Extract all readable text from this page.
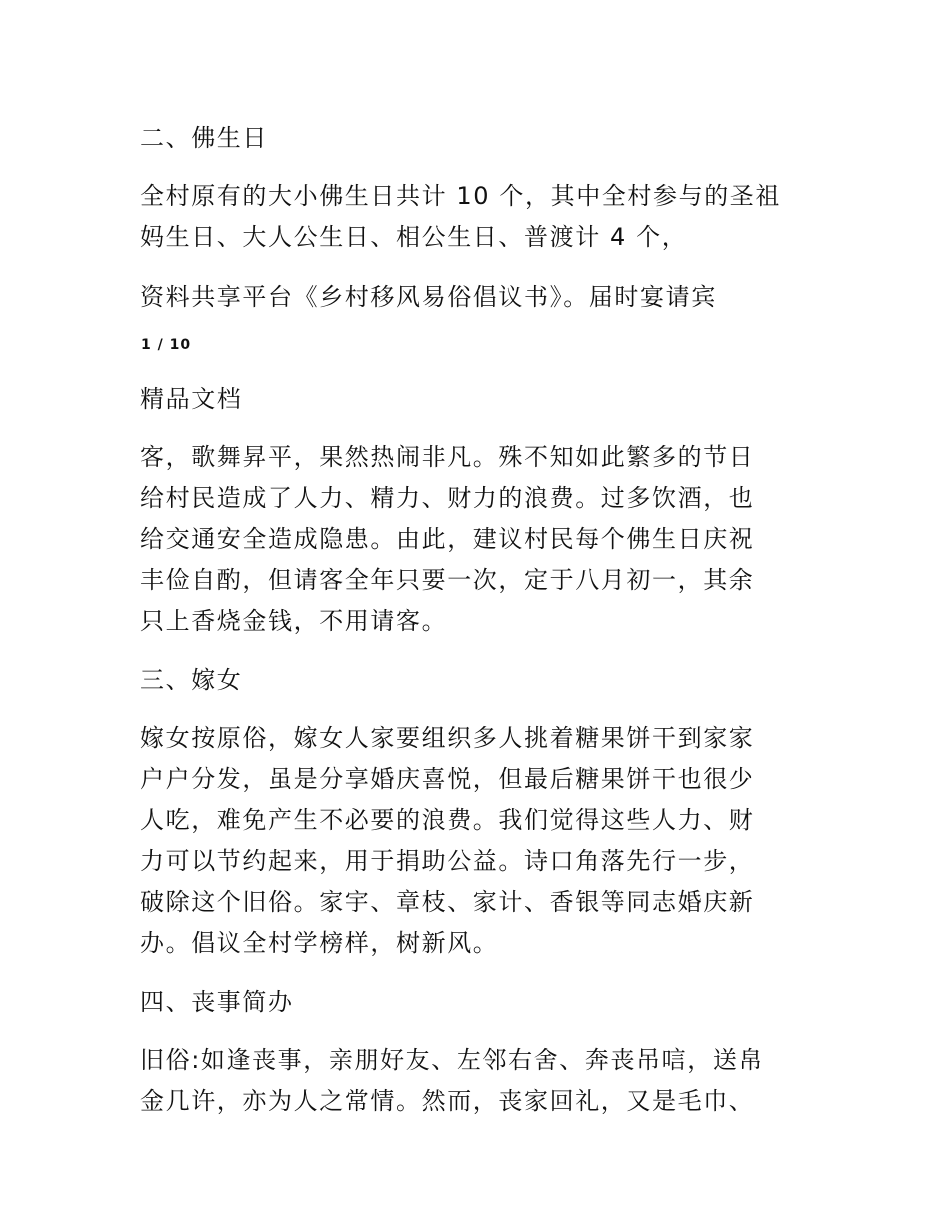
二、佛生日

全村原有的大小佛生日共计 10 个，其中全村参与的圣祖
妈生日、大人公生日、相公生日、普渡计 4 个，

资料共享平台《乡村移风易俗倡议书》。届时宴请宾

1 / 10

精品文档

客，歌舞昇平，果然热闹非凡。殊不知如此繁多的节日
给村民造成了人力、精力、财力的浪费。过多饮酒，也
给交通安全造成隐患。由此，建议村民每个佛生日庆祝
丰俭自酌，但请客全年只要一次，定于八月初一，其余
只上香烧金钱，不用请客。

三、嫁女

嫁女按原俗，嫁女人家要组织多人挑着糖果饼干到家家
户户分发，虽是分享婚庆喜悦，但最后糖果饼干也很少
人吃，难免产生不必要的浪费。我们觉得这些人力、财
力可以节约起来，用于捐助公益。诗口角落先行一步，
破除这个旧俗。家宇、章枝、家计、香银等同志婚庆新
办。倡议全村学榜样，树新风。

四、丧事简办

旧俗:如逢丧事，亲朋好友、左邻右舍、奔丧吊唁，送帛
金几许，亦为人之常情。然而，丧家回礼，又是毛巾、
